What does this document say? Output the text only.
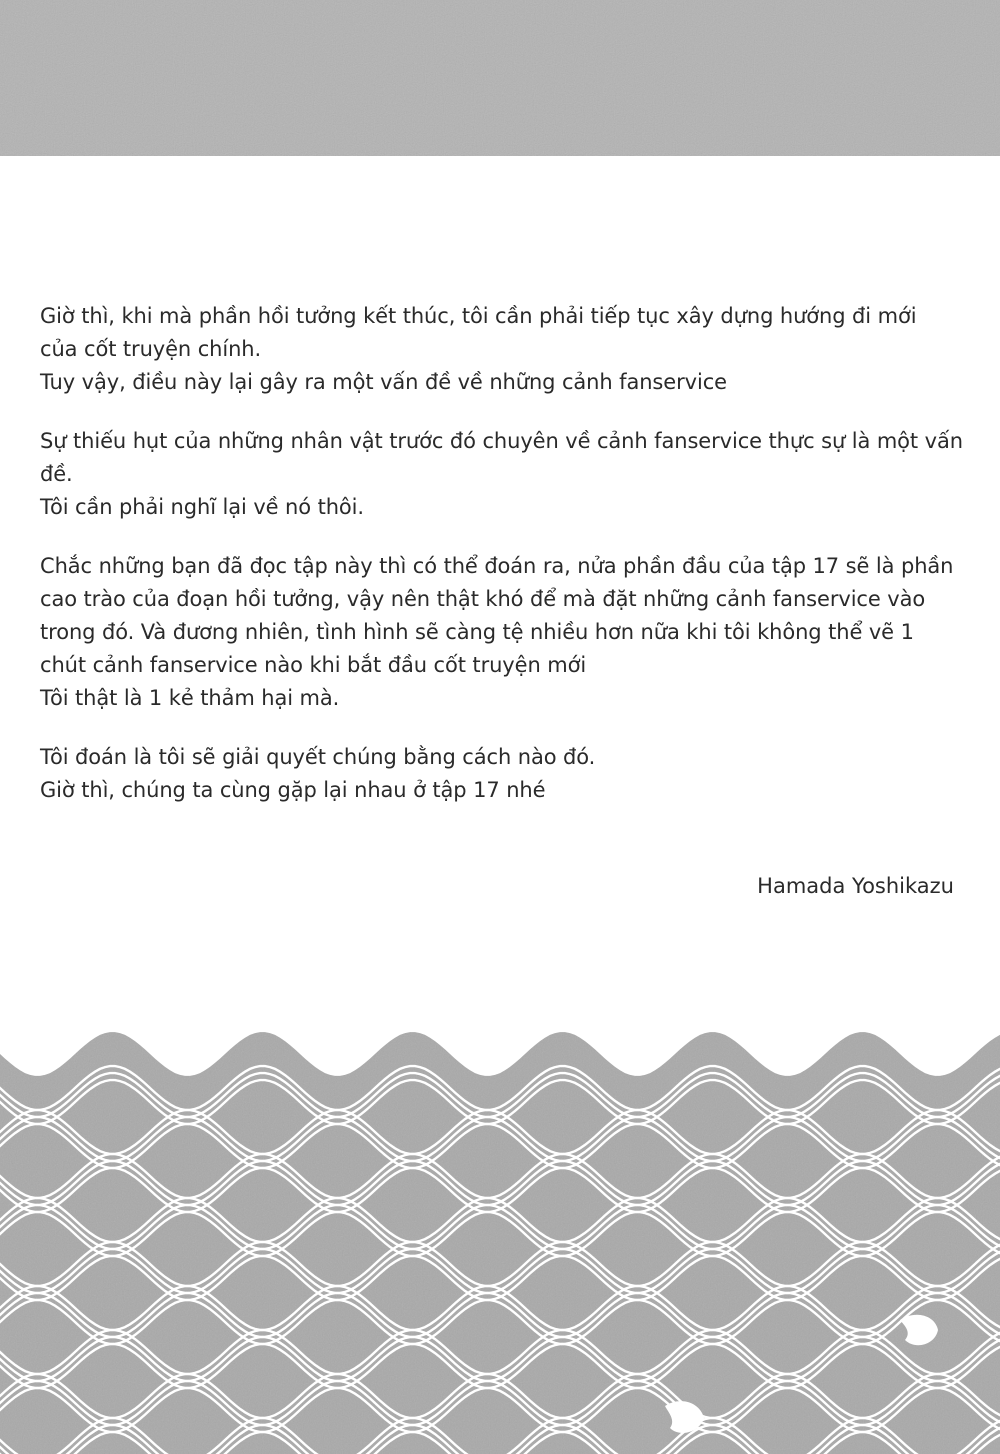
Giờ thì, khi mà phần hồi tưởng kết thúc, tôi cần phải tiếp tục xây dựng hướng đi mới
của cốt truyện chính.
Tuy vậy, điều này lại gây ra một vấn đề về những cảnh fanservice
Sự thiếu hụt của những nhân vật trước đó chuyên về cảnh fanservice thực sự là một vấn
đề.
Tôi cần phải nghĩ lại về nó thôi.
Chắc những bạn đã đọc tập này thì có thể đoán ra, nửa phần đầu của tập 17 sẽ là phần
cao trào của đoạn hồi tưởng, vậy nên thật khó để mà đặt những cảnh fanservice vào
trong đó. Và đương nhiên, tình hình sẽ càng tệ nhiều hơn nữa khi tôi không thể vẽ 1
chút cảnh fanservice nào khi bắt đầu cốt truyện mới
Tôi thật là 1 kẻ thảm hại mà.
Tôi đoán là tôi sẽ giải quyết chúng bằng cách nào đó.
Giờ thì, chúng ta cùng gặp lại nhau ở tập 17 nhé
Hamada Yoshikazu
